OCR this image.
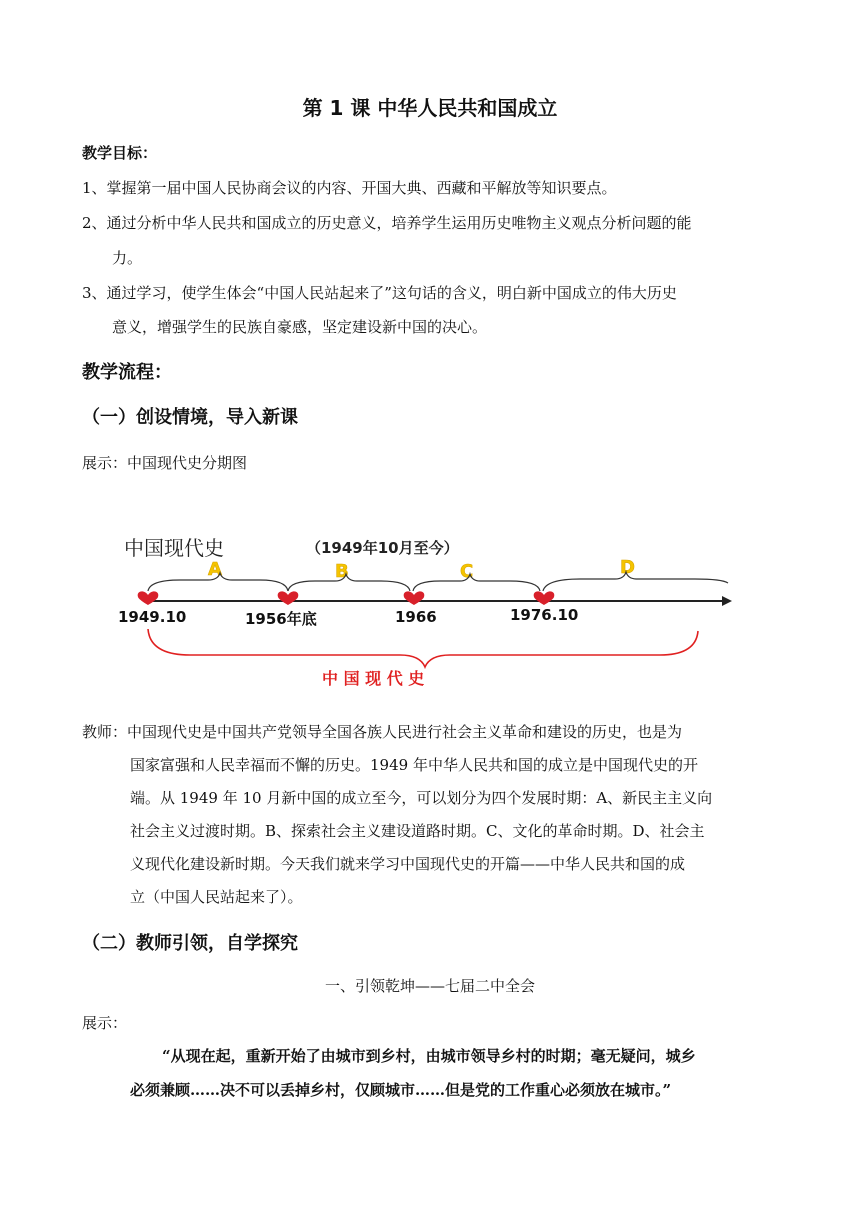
第 1 课 中华人民共和国成立
教学目标：
1、掌握第一届中国人民协商会议的内容、开国大典、西藏和平解放等知识要点。
2、通过分析中华人民共和国成立的历史意义，培养学生运用历史唯物主义观点分析问题的能
力。
3、通过学习，使学生体会“中国人民站起来了”这句话的含义，明白新中国成立的伟大历史
意义，增强学生的民族自豪感，坚定建设新中国的决心。
教学流程：
（一）创设情境，导入新课
展示：中国现代史分期图
中国现代史	（1949年10月至今）
A	B	C	D
1949.10	1956年底	1966	1976.10
中 国 现 代 史
教师：中国现代史是中国共产党领导全国各族人民进行社会主义革命和建设的历史，也是为
国家富强和人民幸福而不懈的历史。1949 年中华人民共和国的成立是中国现代史的开
端。从 1949 年 10 月新中国的成立至今，可以划分为四个发展时期：A、新民主主义向
社会主义过渡时期。B、探索社会主义建设道路时期。C、文化的革命时期。D、社会主
义现代化建设新时期。今天我们就来学习中国现代史的开篇——中华人民共和国的成
立（中国人民站起来了）。
（二）教师引领，自学探究
一、引领乾坤——七届二中全会
展示：
“从现在起，重新开始了由城市到乡村，由城市领导乡村的时期；毫无疑问，城乡
必须兼顾……决不可以丢掉乡村，仅顾城市……但是党的工作重心必须放在城市。”
